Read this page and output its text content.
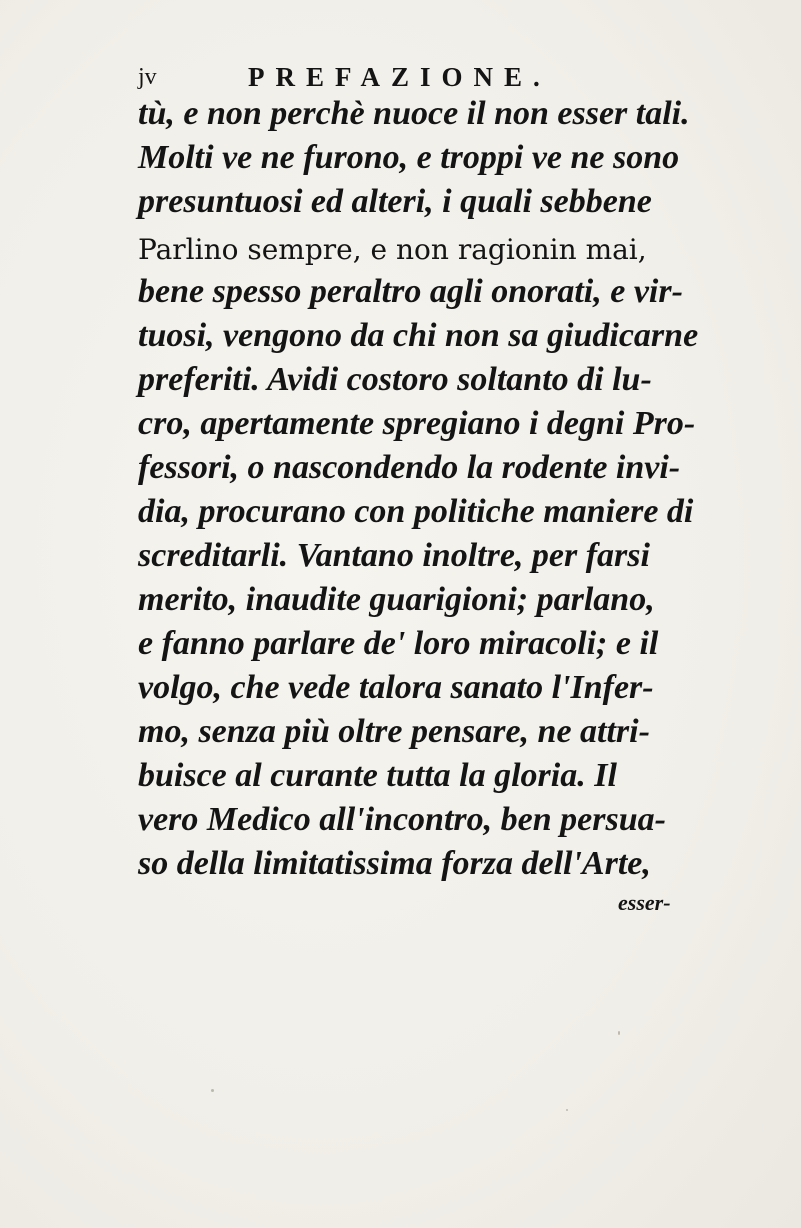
jv	PREFAZIONE.
tù, e non perchè nuoce il non esser tali.
Molti ve ne furono, e troppi ve ne sono
presuntuosi ed alteri, i quali sebbene
Parlino sempre, e non ragionin mai,
bene spesso peraltro agli onorati, e vir-
tuosi, vengono da chi non sa giudicarne
preferiti. Avidi costoro soltanto di lu-
cro, apertamente spregiano i degni Pro-
fessori, o nascondendo la rodente invi-
dia, procurano con politiche maniere di
screditarli. Vantano inoltre, per farsi
merito, inaudite guarigioni; parlano,
e fanno parlare de' loro miracoli; e il
volgo, che vede talora sanato l'Infer-
mo, senza più oltre pensare, ne attri-
buisce al curante tutta la gloria. Il
vero Medico all'incontro, ben persua-
so della limitatissima forza dell'Arte,
esser-
